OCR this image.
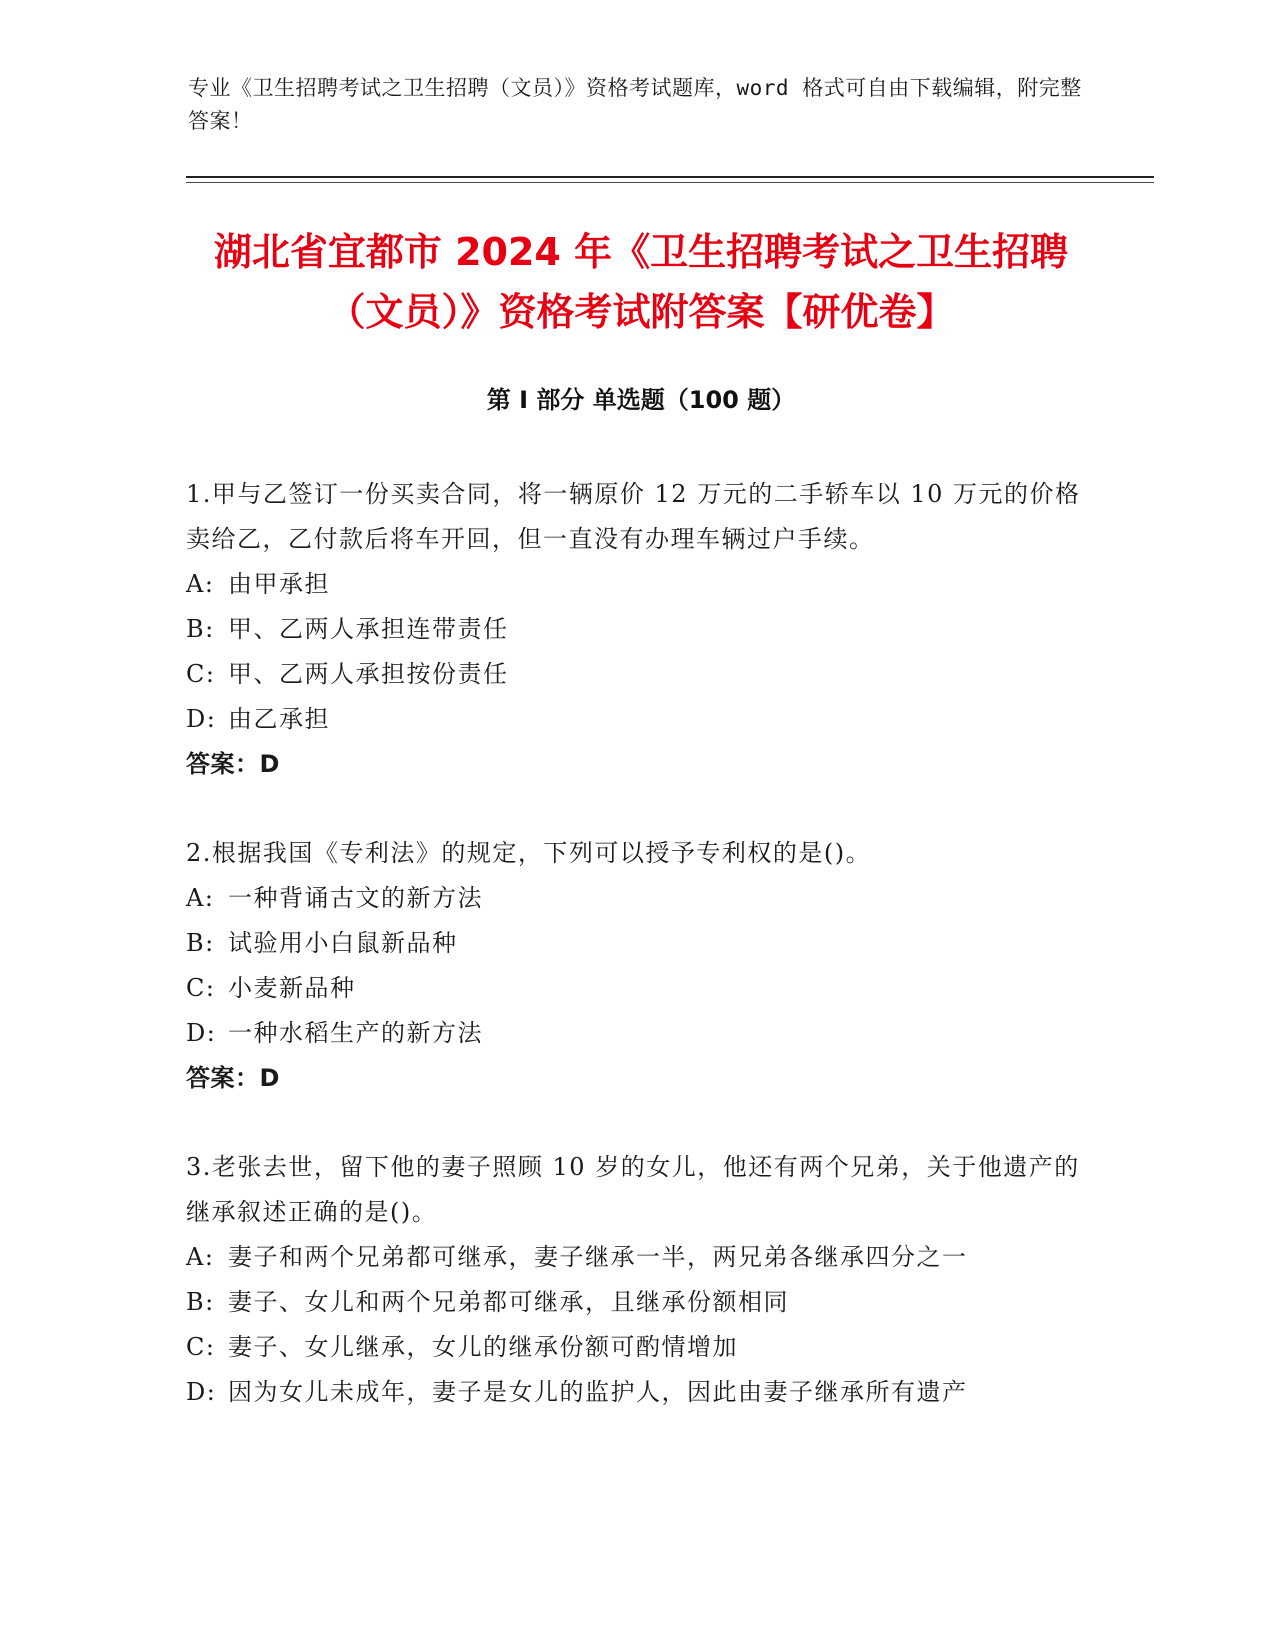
专业《卫生招聘考试之卫生招聘（文员）》资格考试题库，word 格式可自由下载编辑，附完整答案！
湖北省宜都市 2024 年《卫生招聘考试之卫生招聘（文员）》资格考试附答案【研优卷】
第 I 部分 单选题（100 题）
1.甲与乙签订一份买卖合同，将一辆原价 12 万元的二手轿车以 10 万元的价格卖给乙，乙付款后将车开回，但一直没有办理车辆过户手续。
A: 由甲承担
B: 甲、乙两人承担连带责任
C: 甲、乙两人承担按份责任
D: 由乙承担
答案：D
2.根据我国《专利法》的规定，下列可以授予专利权的是()。
A: 一种背诵古文的新方法
B: 试验用小白鼠新品种
C: 小麦新品种
D: 一种水稻生产的新方法
答案：D
3.老张去世，留下他的妻子照顾 10 岁的女儿，他还有两个兄弟，关于他遗产的继承叙述正确的是()。
A: 妻子和两个兄弟都可继承，妻子继承一半，两兄弟各继承四分之一
B: 妻子、女儿和两个兄弟都可继承，且继承份额相同
C: 妻子、女儿继承，女儿的继承份额可酌情增加
D: 因为女儿未成年，妻子是女儿的监护人，因此由妻子继承所有遗产
